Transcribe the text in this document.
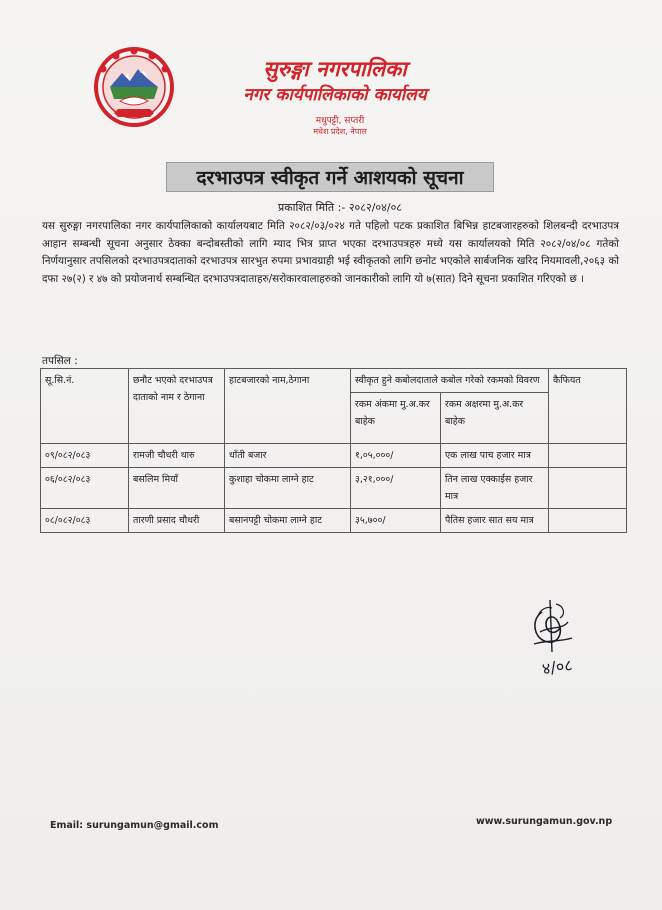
सुरुङ्गा नगरपालिका
नगर कार्यपालिकाको कार्यालय
मधुपट्टी, सप्तरी
मधेश प्रदेश, नेपाल
दरभाउपत्र स्वीकृत गर्ने आशयको सूचना
प्रकाशित मिति :- २०८२/०४/०८
यस सुरुङ्गा नगरपालिका नगर कार्यपालिकाको कार्यालयबाट मिति २०८२/०३/०२४ गते पहिलो पटक प्रकाशित बिभिन्न हाटबजारहरुको शिलबन्दी दरभाउपत्र आहान सम्बन्धी सूचना अनुसार ठेक्का बन्दोबस्तीको लागि म्याद भित्र प्राप्त भएका दरभाउपत्रहरु मध्ये यस कार्यालयको मिति २०८२/०४/०८ गतेको निर्णयानुसार तपसिलको दरभाउपत्रदाताको दरभाउपत्र सारभुत रुपमा प्रभावग्राही भई स्वीकृतको लागि छनोट भएकोले सार्बजनिक खरिद नियमावली,२०६३ को दफा २७(२) र ४७ को प्रयोजनार्थ सम्बन्धित दरभाउपत्रदाताहरु/सरोकारवालाहरुको जानकारीको लागि यो ७(सात) दिने सूचना प्रकाशित गरिएको छ ।
तपसिल :
सू.सि.नं.	छनौट भएको दरभाउपत्र दाताको नाम र ठेगाना	हाटबजारको नाम,ठेगाना	स्वीकृत हुने कबोलदाताले कबोल गरेको रकमको विवरण		कैफियत
			रकम अंकमा मु.अ.कर बाहेक	रकम अक्षरमा मु.अ.कर बाहेक	
०९/०८२/०८३	रामजी चौधरी थारु	धाँती बजार	१,०५,०००/	एक लाख पाच हजार मात्र	
०६/०८२/०८३	बसलिम मियाँ	कुशाहा चोकमा लाग्ने हाट	३,२१,०००/	तिन लाख एक्काईस हजार मात्र	
०८/०८२/०८३	तारणी प्रसाद चौधरी	बसानपट्टी चोकमा लाग्ने हाट	३५,७००/	पैतिस हजार सात सय मात्र	
४/०८
Email: surungamun@gmail.com	www.surungamun.gov.np
